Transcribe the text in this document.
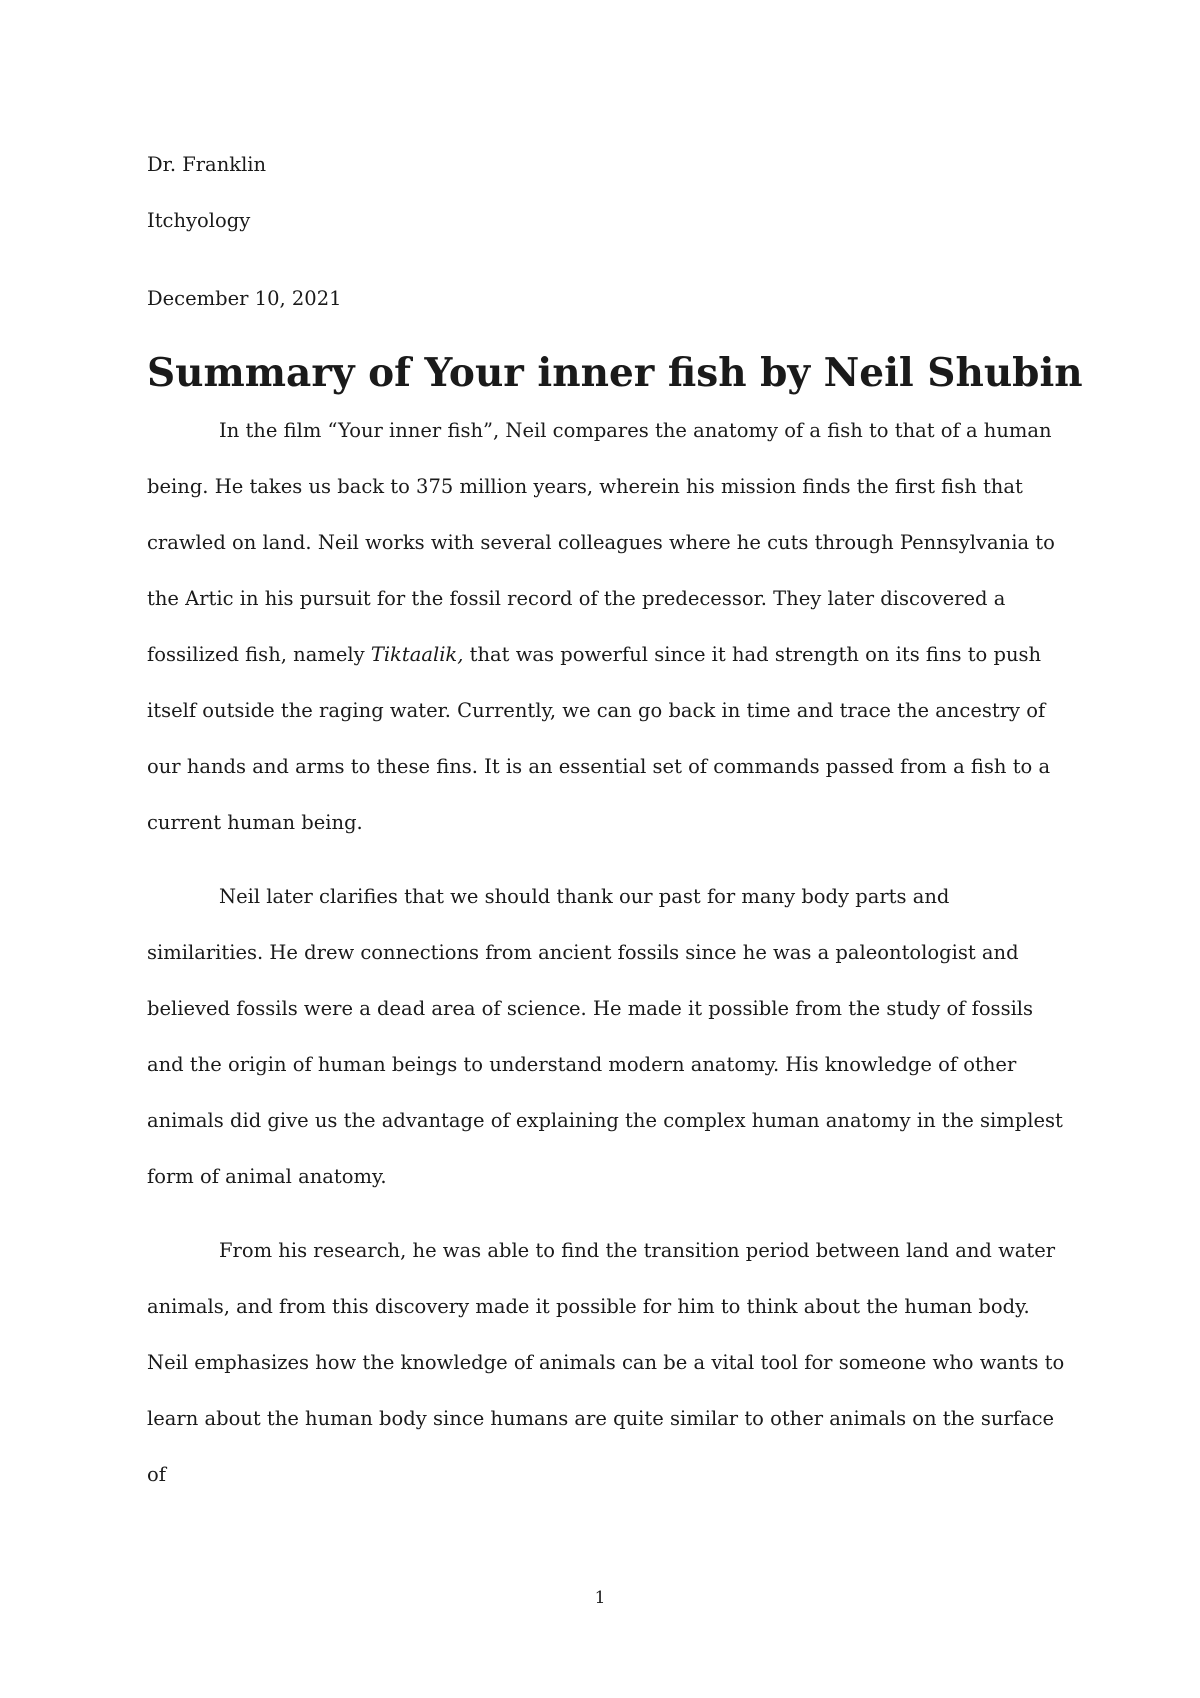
Dr. Franklin

Itchyology

December 10, 2021

Summary of Your inner fish by Neil Shubin

In the film “Your inner fish”, Neil compares the anatomy of a fish to that of a human being. He takes us back to 375 million years, wherein his mission finds the first fish that crawled on land. Neil works with several colleagues where he cuts through Pennsylvania to the Artic in his pursuit for the fossil record of the predecessor. They later discovered a fossilized fish, namely Tiktaalik, that was powerful since it had strength on its fins to push itself outside the raging water. Currently, we can go back in time and trace the ancestry of our hands and arms to these fins. It is an essential set of commands passed from a fish to a current human being.

Neil later clarifies that we should thank our past for many body parts and similarities. He drew connections from ancient fossils since he was a paleontologist and believed fossils were a dead area of science. He made it possible from the study of fossils and the origin of human beings to understand modern anatomy. His knowledge of other animals did give us the advantage of explaining the complex human anatomy in the simplest form of animal anatomy.

From his research, he was able to find the transition period between land and water animals, and from this discovery made it possible for him to think about the human body. Neil emphasizes how the knowledge of animals can be a vital tool for someone who wants to learn about the human body since humans are quite similar to other animals on the surface of

1
